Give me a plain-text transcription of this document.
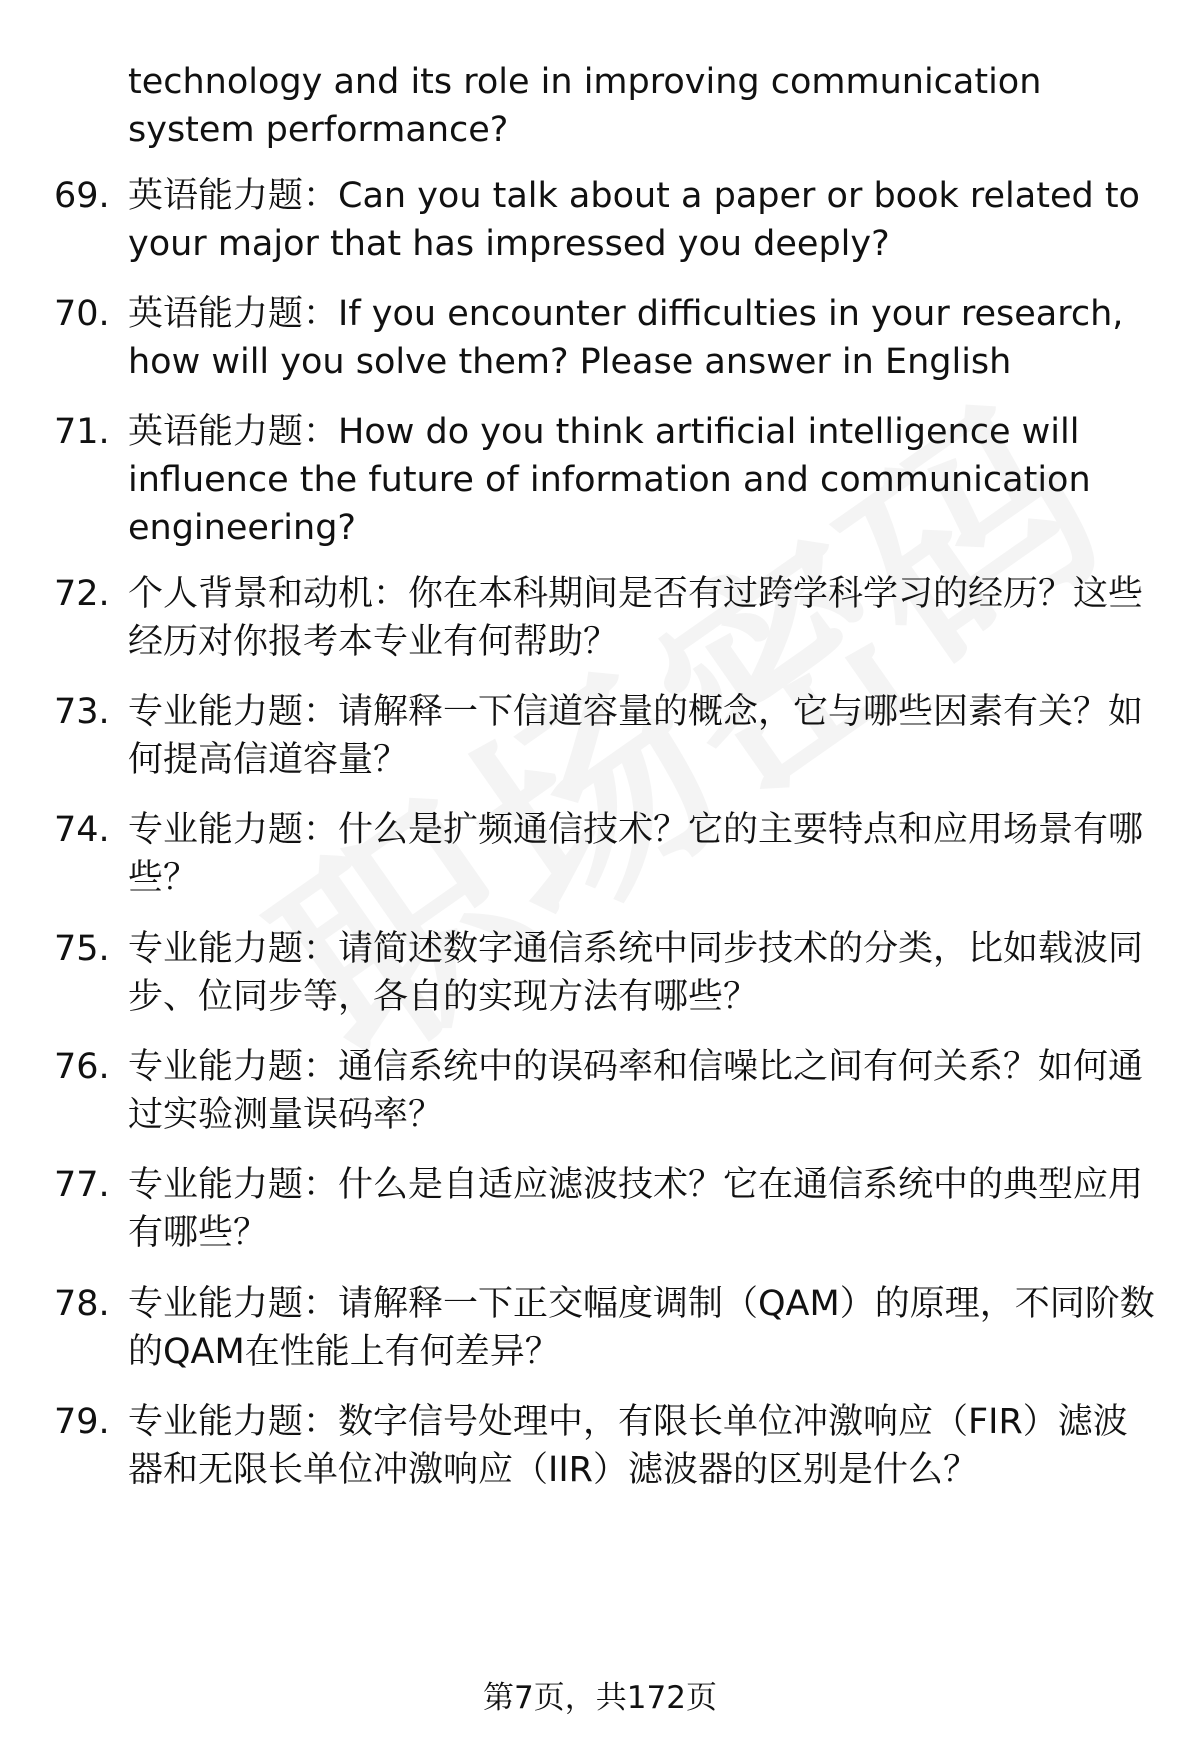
technology and its role in improving communication system performance?
69. 英语能力题：Can you talk about a paper or book related to your major that has impressed you deeply?
70. 英语能力题：If you encounter difficulties in your research, how will you solve them? Please answer in English
71. 英语能力题：How do you think artificial intelligence will influence the future of information and communication engineering?
72. 个人背景和动机：你在本科期间是否有过跨学科学习的经历？这些经历对你报考本专业有何帮助？
73. 专业能力题：请解释一下信道容量的概念，它与哪些因素有关？如何提高信道容量？
74. 专业能力题：什么是扩频通信技术？它的主要特点和应用场景有哪些？
75. 专业能力题：请简述数字通信系统中同步技术的分类，比如载波同步、位同步等，各自的实现方法有哪些？
76. 专业能力题：通信系统中的误码率和信噪比之间有何关系？如何通过实验测量误码率？
77. 专业能力题：什么是自适应滤波技术？它在通信系统中的典型应用有哪些？
78. 专业能力题：请解释一下正交幅度调制（QAM）的原理，不同阶数的QAM在性能上有何差异？
79. 专业能力题：数字信号处理中，有限长单位冲激响应（FIR）滤波器和无限长单位冲激响应（IIR）滤波器的区别是什么？
第7页，共172页
